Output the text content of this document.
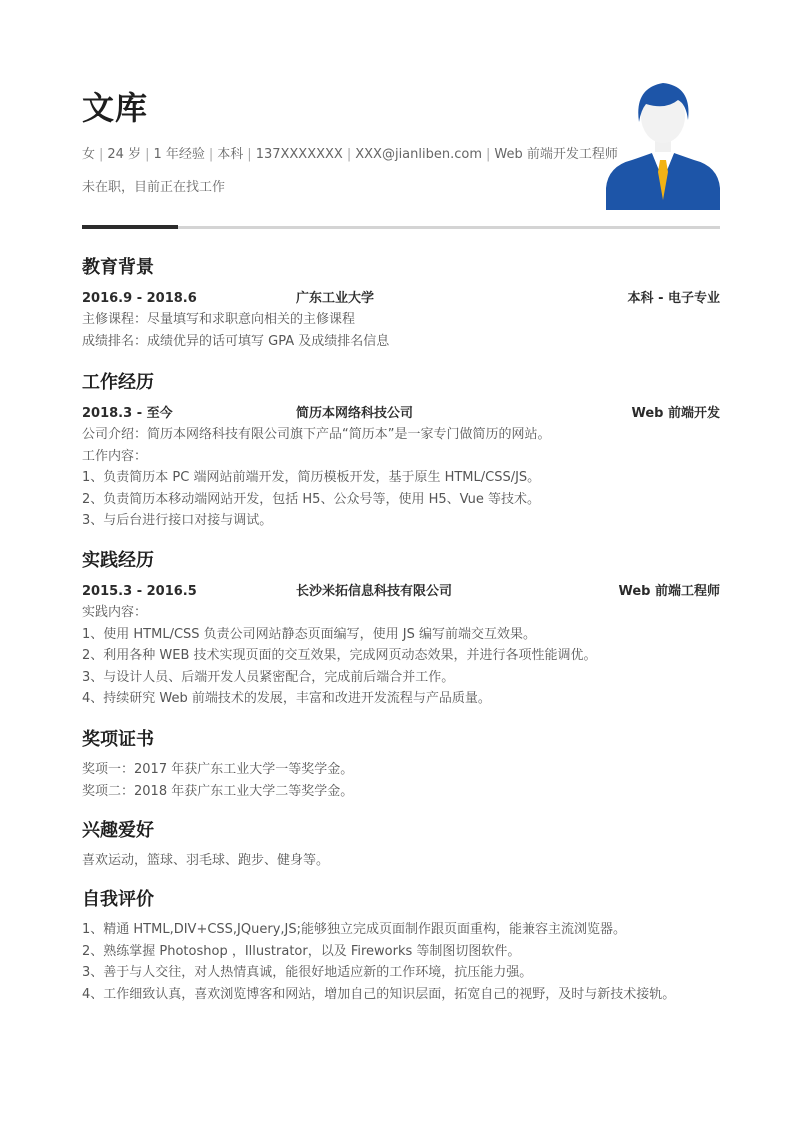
文库
女 | 24 岁 | 1 年经验 | 本科 | 137XXXXXXX | XXX@jianliben.com | Web 前端开发工程师
未在职，目前正在找工作
教育背景
2016.9 - 2018.6	广东工业大学	本科 - 电子专业
主修课程：尽量填写和求职意向相关的主修课程
成绩排名：成绩优异的话可填写 GPA 及成绩排名信息
工作经历
2018.3 - 至今	简历本网络科技公司	Web 前端开发
公司介绍：简历本网络科技有限公司旗下产品“简历本”是一家专门做简历的网站。
工作内容：
1、负责简历本 PC 端网站前端开发，简历模板开发，基于原生 HTML/CSS/JS。
2、负责简历本移动端网站开发，包括 H5、公众号等，使用 H5、Vue 等技术。
3、与后台进行接口对接与调试。
实践经历
2015.3 - 2016.5	长沙米拓信息科技有限公司	Web 前端工程师
实践内容：
1、使用 HTML/CSS 负责公司网站静态页面编写，使用 JS 编写前端交互效果。
2、利用各种 WEB 技术实现页面的交互效果，完成网页动态效果，并进行各项性能调优。
3、与设计人员、后端开发人员紧密配合，完成前后端合并工作。
4、持续研究 Web 前端技术的发展，丰富和改进开发流程与产品质量。
奖项证书
奖项一：2017 年获广东工业大学一等奖学金。
奖项二：2018 年获广东工业大学二等奖学金。
兴趣爱好
喜欢运动，篮球、羽毛球、跑步、健身等。
自我评价
1、精通 HTML,DIV+CSS,JQuery,JS;能够独立完成页面制作跟页面重构，能兼容主流浏览器。
2、熟练掌握 Photoshop ，Illustrator，以及 Fireworks 等制图切图软件。
3、善于与人交往，对人热情真诚，能很好地适应新的工作环境，抗压能力强。
4、工作细致认真，喜欢浏览博客和网站，增加自己的知识层面，拓宽自己的视野，及时与新技术接轨。
